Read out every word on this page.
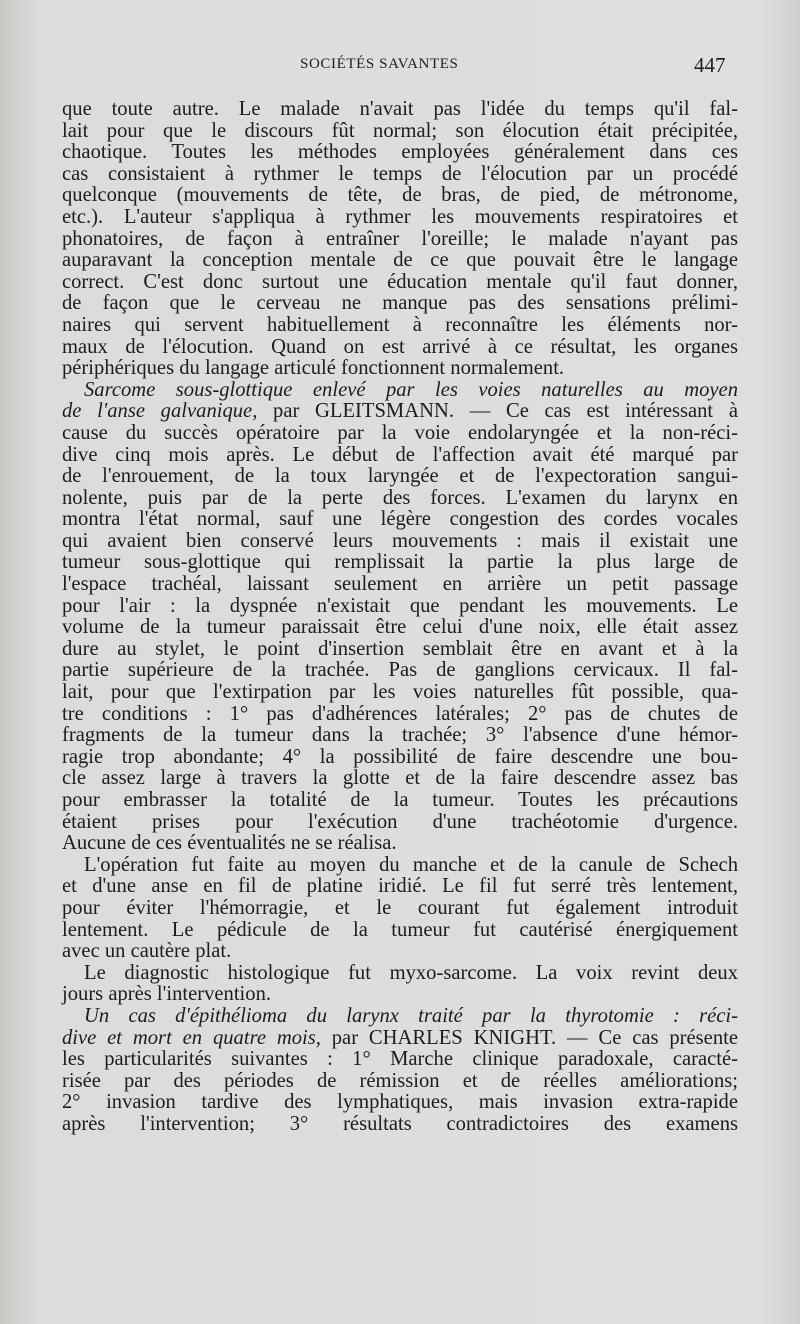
SOCIÉTÉS SAVANTES	447
que toute autre. Le malade n'avait pas l'idée du temps qu'il fal-
lait pour que le discours fût normal; son élocution était précipitée,
chaotique. Toutes les méthodes employées généralement dans ces
cas consistaient à rythmer le temps de l'élocution par un procédé
quelconque (mouvements de tête, de bras, de pied, de métronome,
etc.). L'auteur s'appliqua à rythmer les mouvements respiratoires et
phonatoires, de façon à entraîner l'oreille; le malade n'ayant pas
auparavant la conception mentale de ce que pouvait être le langage
correct. C'est donc surtout une éducation mentale qu'il faut donner,
de façon que le cerveau ne manque pas des sensations prélimi-
naires qui servent habituellement à reconnaître les éléments nor-
maux de l'élocution. Quand on est arrivé à ce résultat, les organes
périphériques du langage articulé fonctionnent normalement.
Sarcome sous-glottique enlevé par les voies naturelles au moyen
de l'anse galvanique, par GLEITSMANN. — Ce cas est intéressant à
cause du succès opératoire par la voie endolaryngée et la non-réci-
dive cinq mois après. Le début de l'affection avait été marqué par
de l'enrouement, de la toux laryngée et de l'expectoration sangui-
nolente, puis par de la perte des forces. L'examen du larynx en
montra l'état normal, sauf une légère congestion des cordes vocales
qui avaient bien conservé leurs mouvements : mais il existait une
tumeur sous-glottique qui remplissait la partie la plus large de
l'espace trachéal, laissant seulement en arrière un petit passage
pour l'air : la dyspnée n'existait que pendant les mouvements. Le
volume de la tumeur paraissait être celui d'une noix, elle était assez
dure au stylet, le point d'insertion semblait être en avant et à la
partie supérieure de la trachée. Pas de ganglions cervicaux. Il fal-
lait, pour que l'extirpation par les voies naturelles fût possible, qua-
tre conditions : 1° pas d'adhérences latérales; 2° pas de chutes de
fragments de la tumeur dans la trachée; 3° l'absence d'une hémor-
ragie trop abondante; 4° la possibilité de faire descendre une bou-
cle assez large à travers la glotte et de la faire descendre assez bas
pour embrasser la totalité de la tumeur. Toutes les précautions
étaient prises pour l'exécution d'une trachéotomie d'urgence.
Aucune de ces éventualités ne se réalisa.
L'opération fut faite au moyen du manche et de la canule de Schech
et d'une anse en fil de platine iridié. Le fil fut serré très lentement,
pour éviter l'hémorragie, et le courant fut également introduit
lentement. Le pédicule de la tumeur fut cautérisé énergiquement
avec un cautère plat.
Le diagnostic histologique fut myxo-sarcome. La voix revint deux
jours après l'intervention.
Un cas d'épithélioma du larynx traité par la thyrotomie : réci-
dive et mort en quatre mois, par CHARLES KNIGHT. — Ce cas présente
les particularités suivantes : 1° Marche clinique paradoxale, caracté-
risée par des périodes de rémission et de réelles améliorations;
2° invasion tardive des lymphatiques, mais invasion extra-rapide
après l'intervention; 3° résultats contradictoires des examens
